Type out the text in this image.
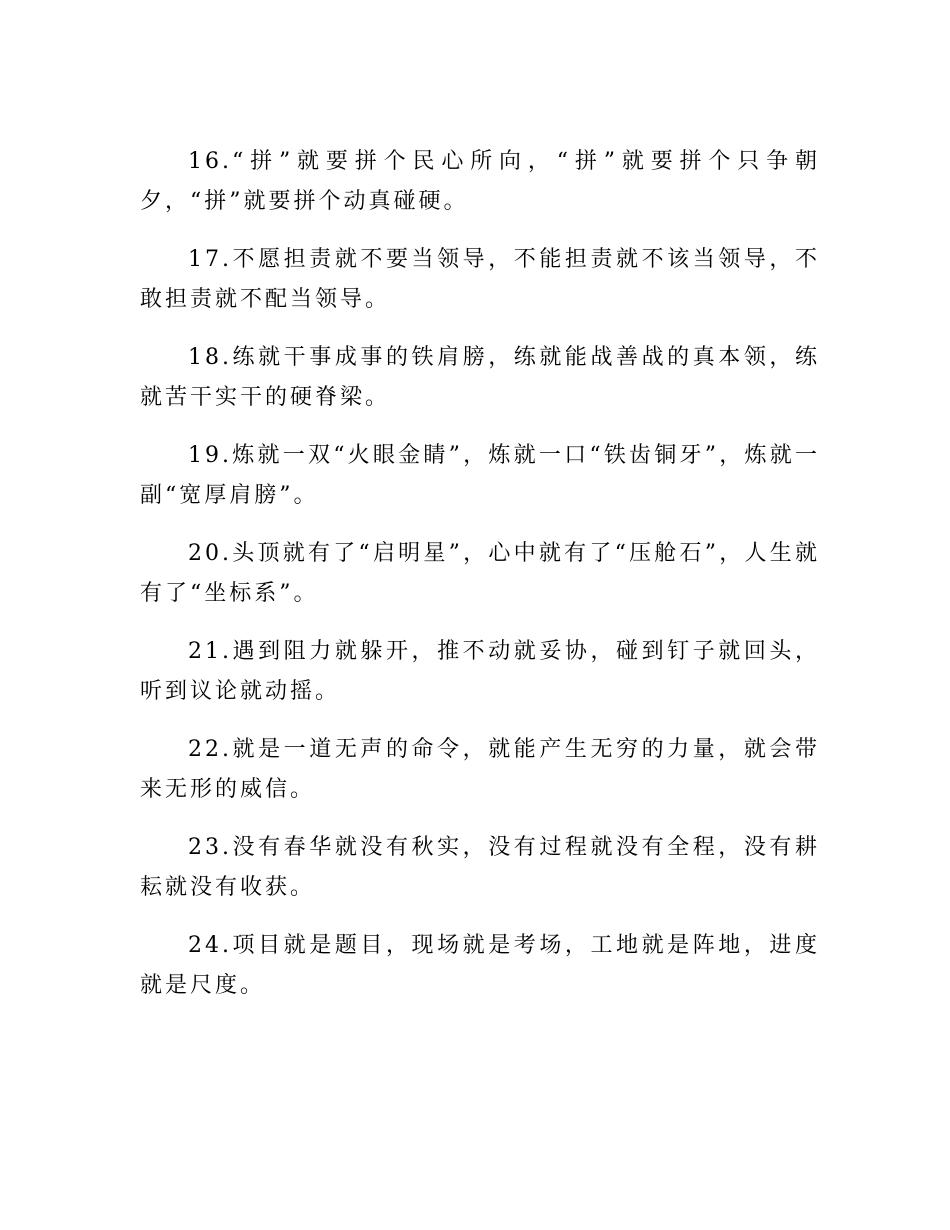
16.“拼”就要拼个民心所向，“拼”就要拼个只争朝夕，“拼”就要拼个动真碰硬。

17.不愿担责就不要当领导，不能担责就不该当领导，不敢担责就不配当领导。

18.练就干事成事的铁肩膀，练就能战善战的真本领，练就苦干实干的硬脊梁。

19.炼就一双“火眼金睛”，炼就一口“铁齿铜牙”，炼就一副“宽厚肩膀”。

20.头顶就有了“启明星”，心中就有了“压舱石”，人生就有了“坐标系”。

21.遇到阻力就躲开，推不动就妥协，碰到钉子就回头，听到议论就动摇。

22.就是一道无声的命令，就能产生无穷的力量，就会带来无形的威信。

23.没有春华就没有秋实，没有过程就没有全程，没有耕耘就没有收获。

24.项目就是题目，现场就是考场，工地就是阵地，进度就是尺度。
